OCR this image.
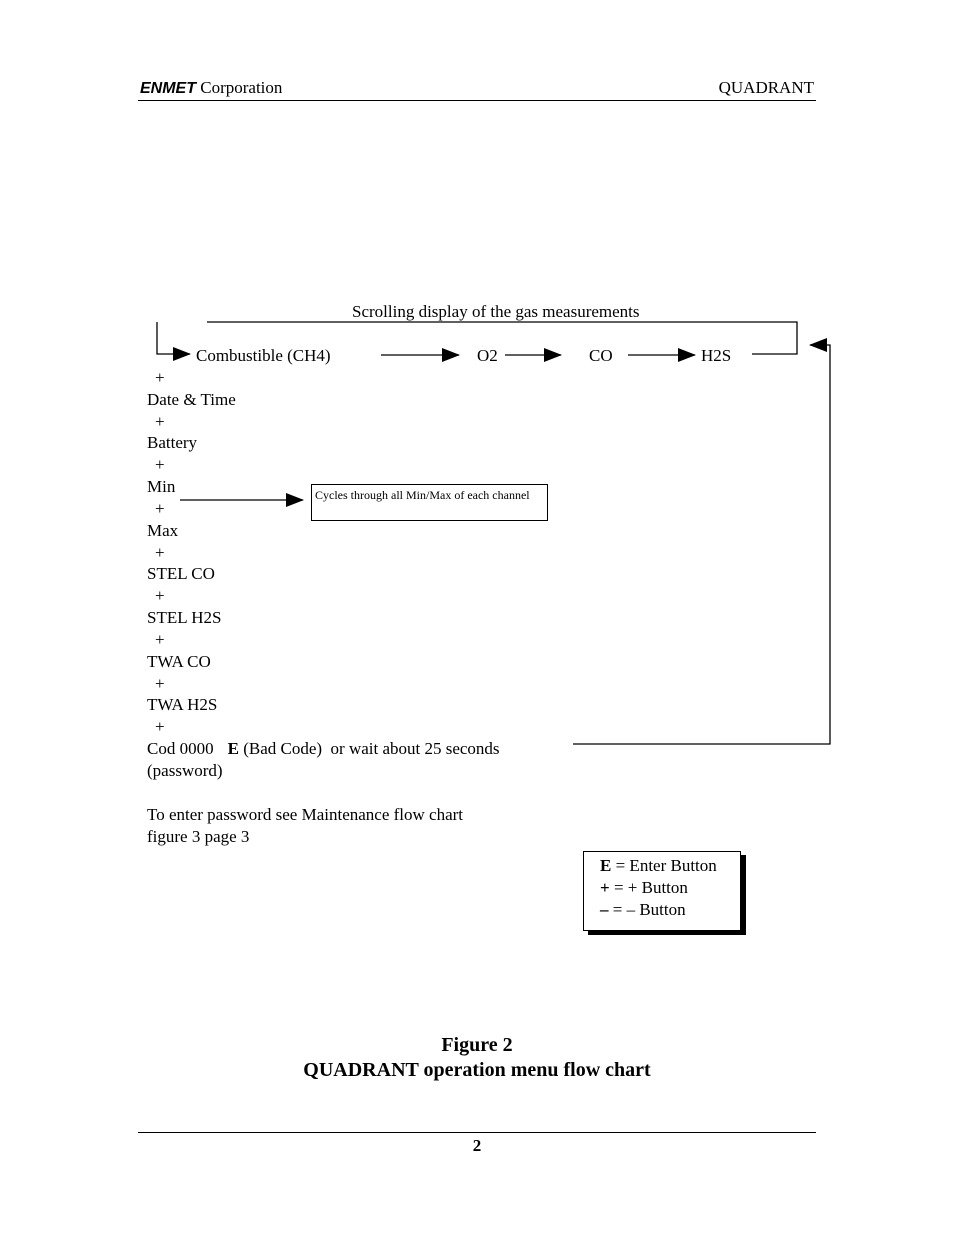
ENMET Corporation	QUADRANT
Scrolling display of the gas measurements
Combustible (CH4)	O2	CO	H2S
+
Date & Time
+
Battery
+
Min
+
Max
+
STEL CO
+
STEL H2S
+
TWA CO
+
TWA H2S
+
Cod 0000 E (Bad Code)  or wait about 25 seconds
(password)
To enter password see Maintenance flow chart
figure 3 page 3
Cycles through all Min/Max of each channel
E = Enter Button
+ = + Button
– = – Button
Figure 2
QUADRANT operation menu flow chart
2
